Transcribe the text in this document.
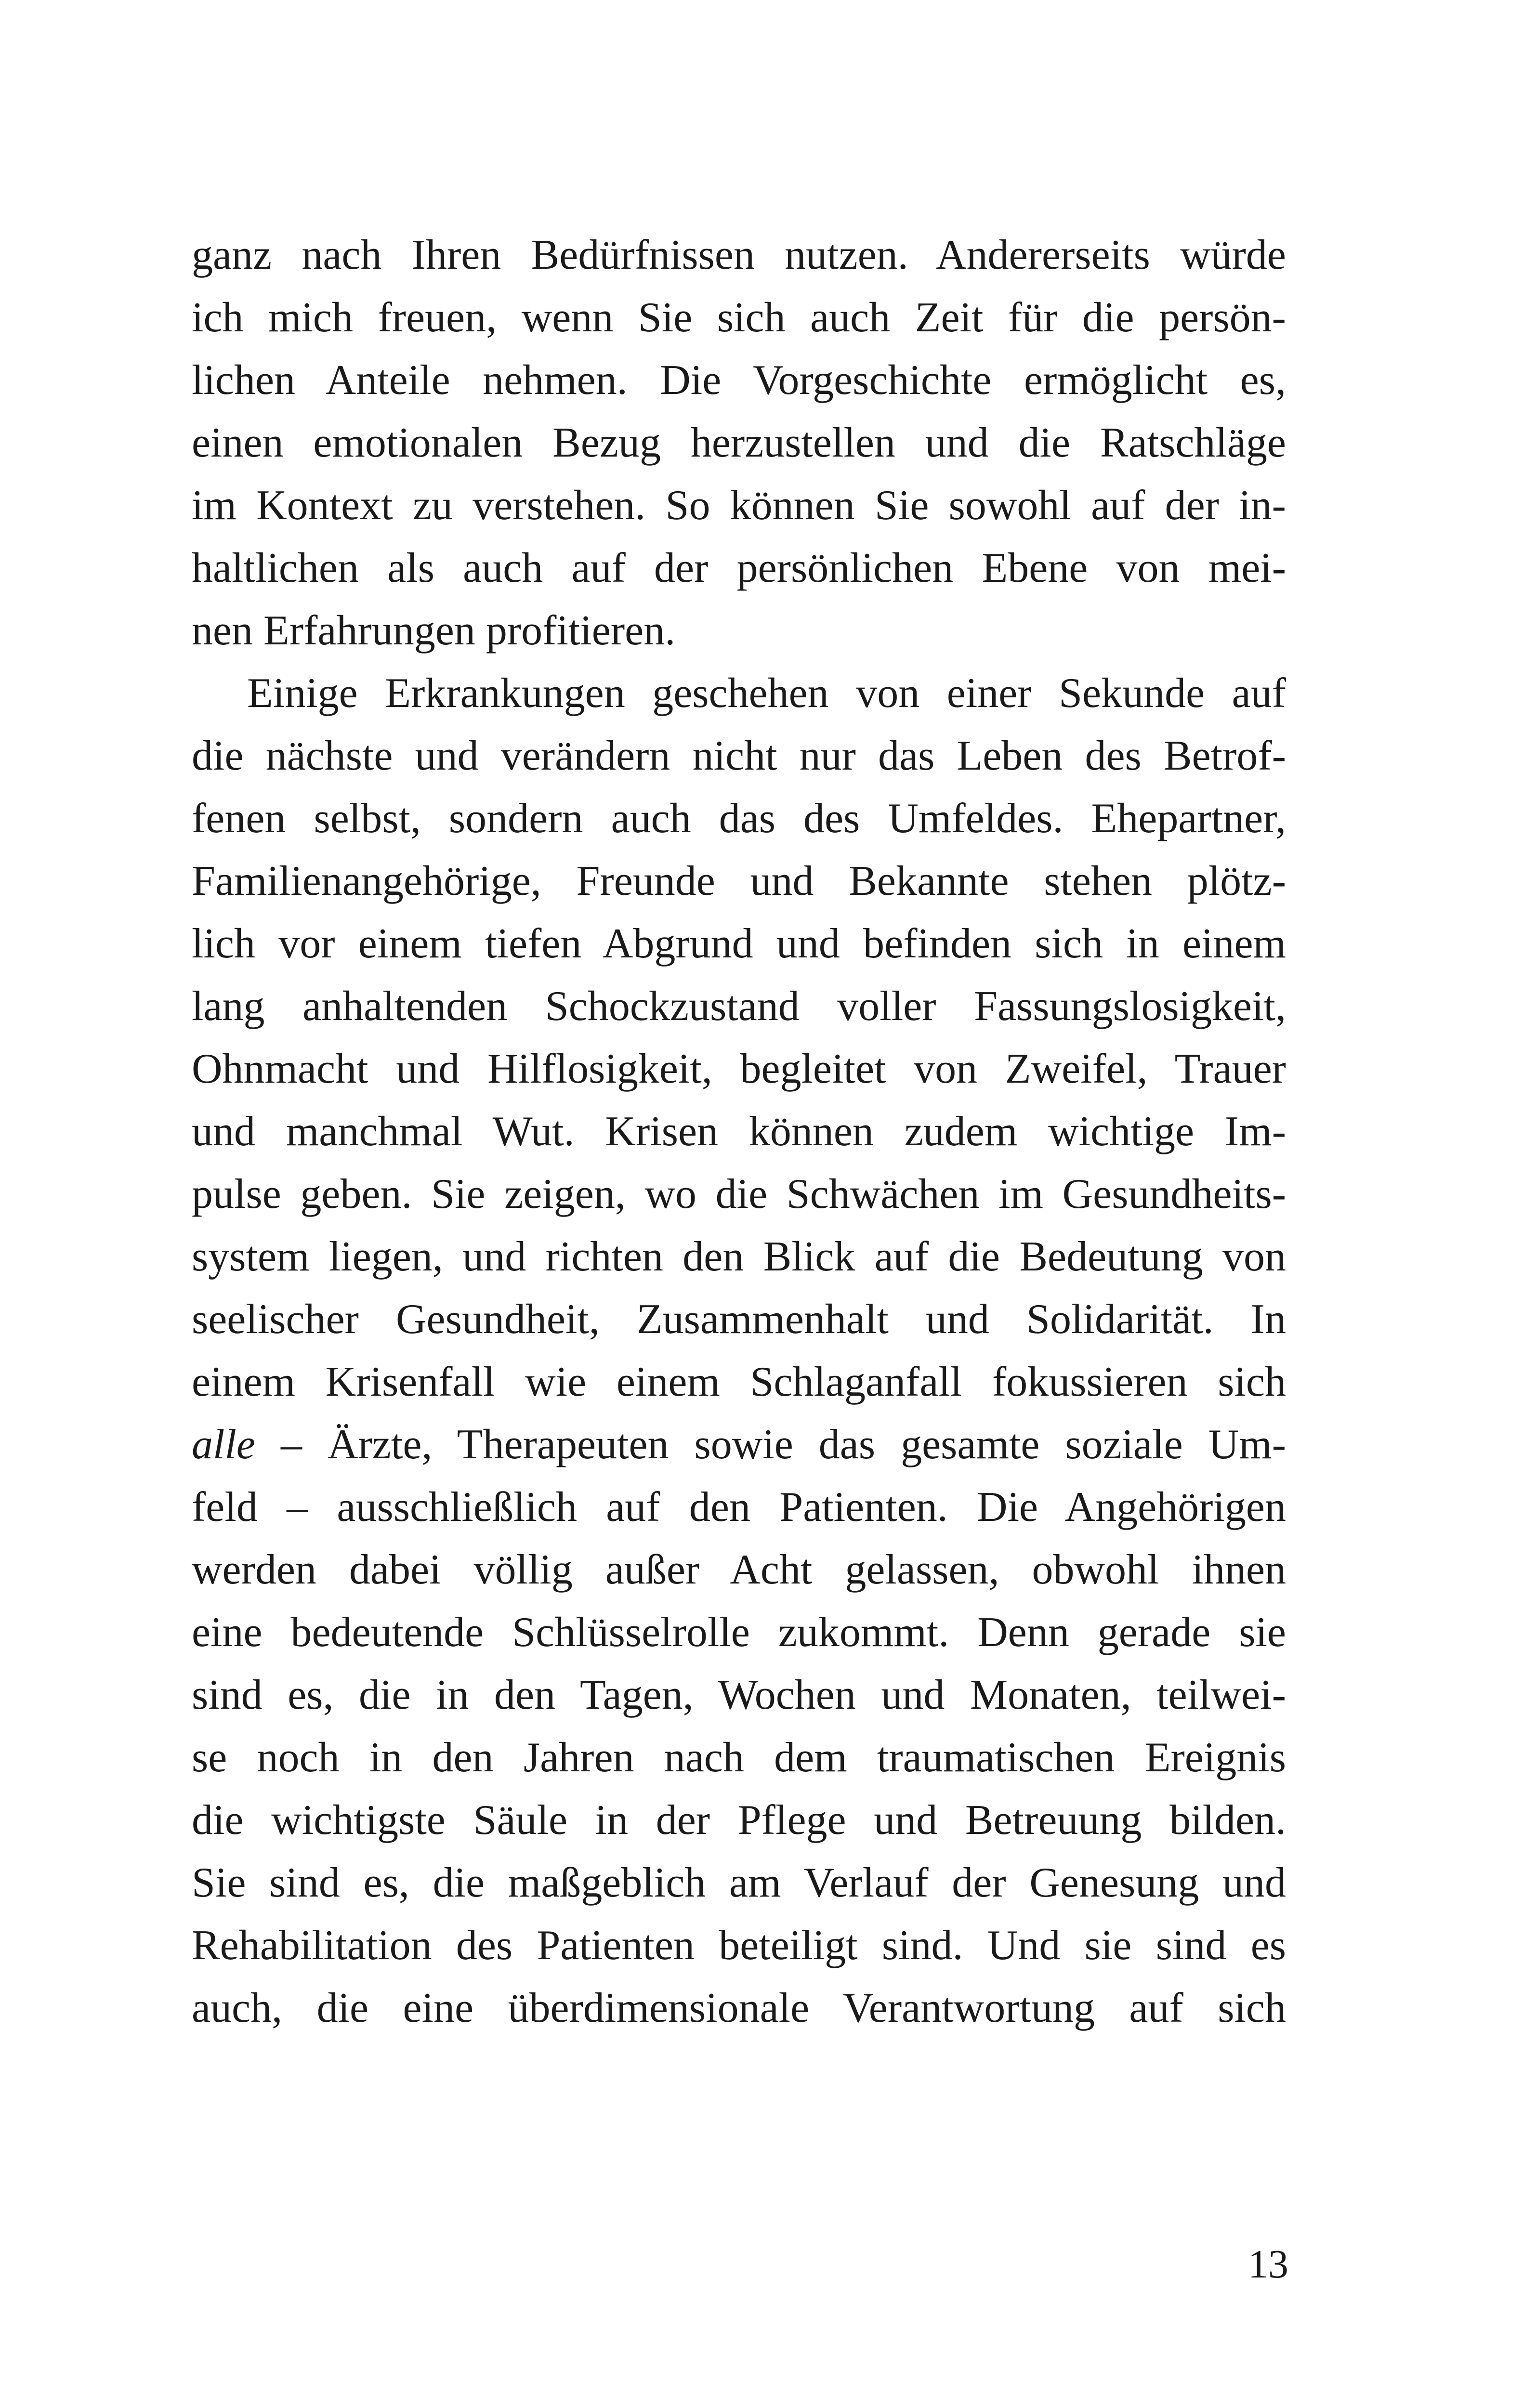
ganz nach Ihren Bedürfnissen nutzen. Andererseits würde
ich mich freuen, wenn Sie sich auch Zeit für die persön-
lichen Anteile nehmen. Die Vorgeschichte ermöglicht es,
einen emotionalen Bezug herzustellen und die Ratschläge
im Kontext zu verstehen. So können Sie sowohl auf der in-
haltlichen als auch auf der persönlichen Ebene von mei-
nen Erfahrungen profitieren.
Einige Erkrankungen geschehen von einer Sekunde auf
die nächste und verändern nicht nur das Leben des Betrof-
fenen selbst, sondern auch das des Umfeldes. Ehepartner,
Familienangehörige, Freunde und Bekannte stehen plötz-
lich vor einem tiefen Abgrund und befinden sich in einem
lang anhaltenden Schockzustand voller Fassungslosigkeit,
Ohnmacht und Hilflosigkeit, begleitet von Zweifel, Trauer
und manchmal Wut. Krisen können zudem wichtige Im-
pulse geben. Sie zeigen, wo die Schwächen im Gesundheits-
system liegen, und richten den Blick auf die Bedeutung von
seelischer Gesundheit, Zusammenhalt und Solidarität. In
einem Krisenfall wie einem Schlaganfall fokussieren sich
alle – Ärzte, Therapeuten sowie das gesamte soziale Um-
feld – ausschließlich auf den Patienten. Die Angehörigen
werden dabei völlig außer Acht gelassen, obwohl ihnen
eine bedeutende Schlüsselrolle zukommt. Denn gerade sie
sind es, die in den Tagen, Wochen und Monaten, teilwei-
se noch in den Jahren nach dem traumatischen Ereignis
die wichtigste Säule in der Pflege und Betreuung bilden.
Sie sind es, die maßgeblich am Verlauf der Genesung und
Rehabilitation des Patienten beteiligt sind. Und sie sind es
auch, die eine überdimensionale Verantwortung auf sich
13
